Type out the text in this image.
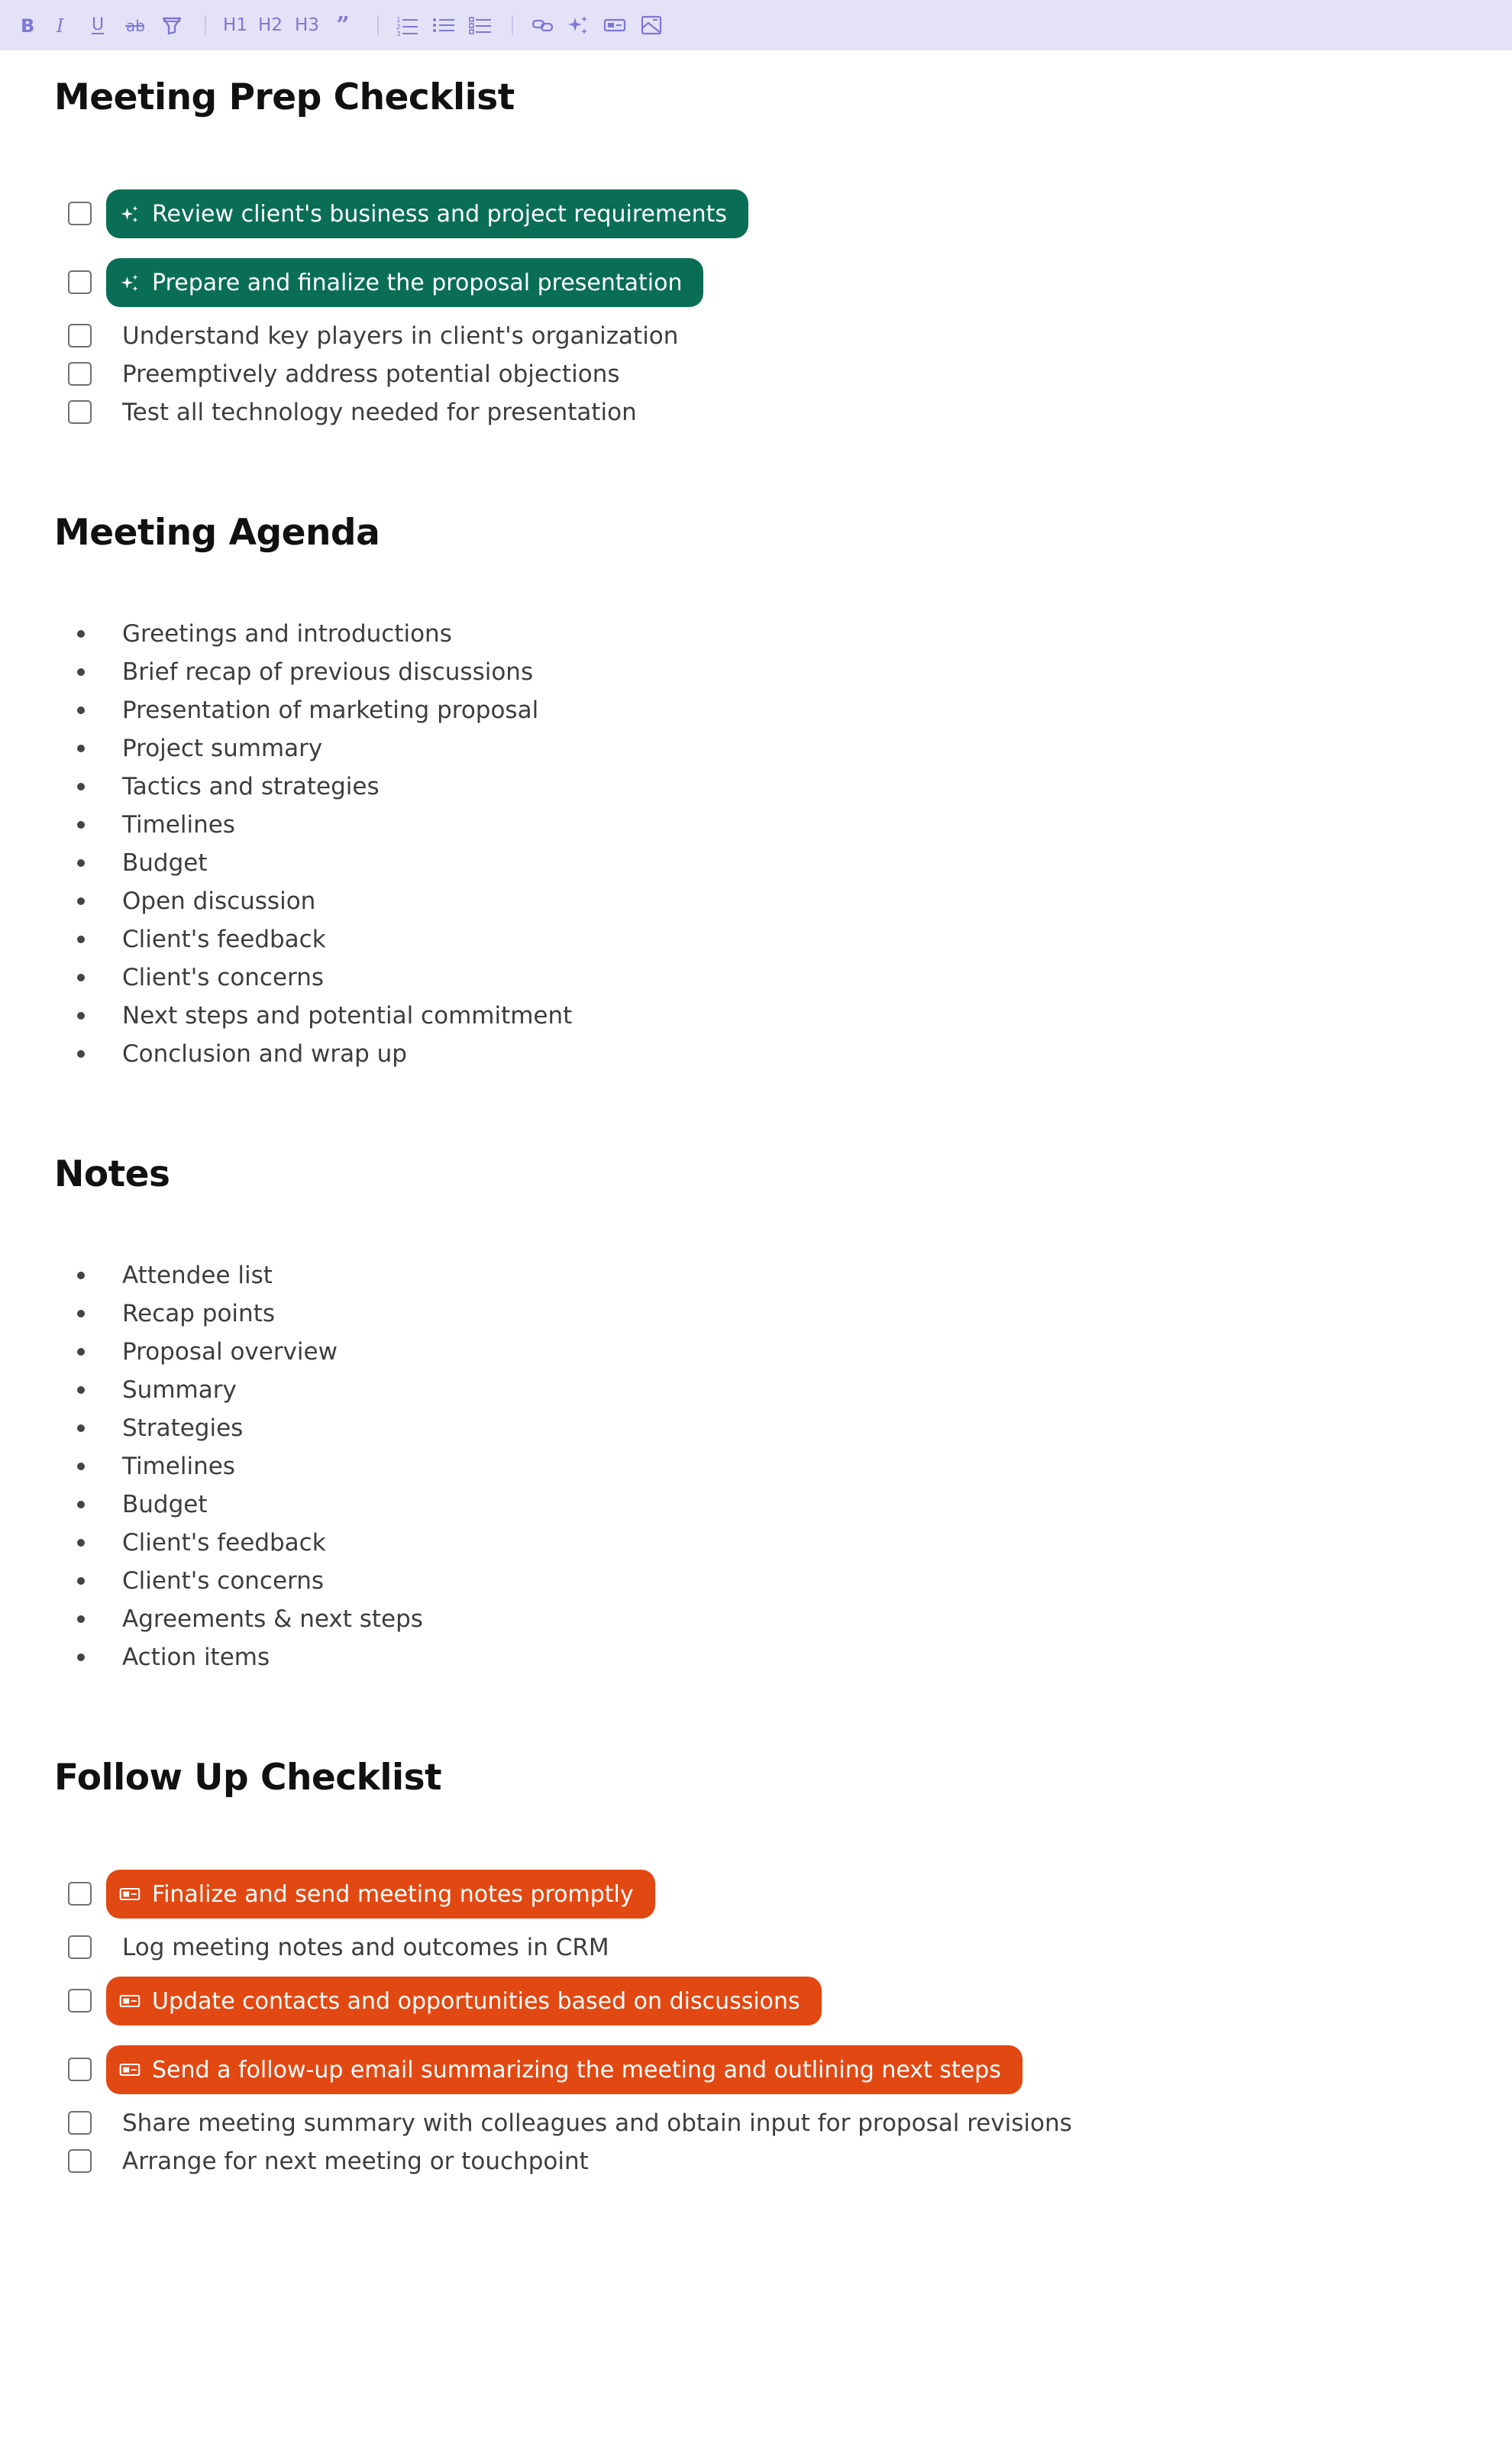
B I U ab	H1 H2 H3 ”	1
2
3
Meeting Prep Checklist
Review client's business and project requirements
Prepare and finalize the proposal presentation
Understand key players in client's organization
Preemptively address potential objections
Test all technology needed for presentation
Meeting Agenda
Greetings and introductions
Brief recap of previous discussions
Presentation of marketing proposal
Project summary
Tactics and strategies
Timelines
Budget
Open discussion
Client's feedback
Client's concerns
Next steps and potential commitment
Conclusion and wrap up
Notes
Attendee list
Recap points
Proposal overview
Summary
Strategies
Timelines
Budget
Client's feedback
Client's concerns
Agreements & next steps
Action items
Follow Up Checklist
Finalize and send meeting notes promptly
Log meeting notes and outcomes in CRM
Update contacts and opportunities based on discussions
Send a follow-up email summarizing the meeting and outlining next steps
Share meeting summary with colleagues and obtain input for proposal revisions
Arrange for next meeting or touchpoint
